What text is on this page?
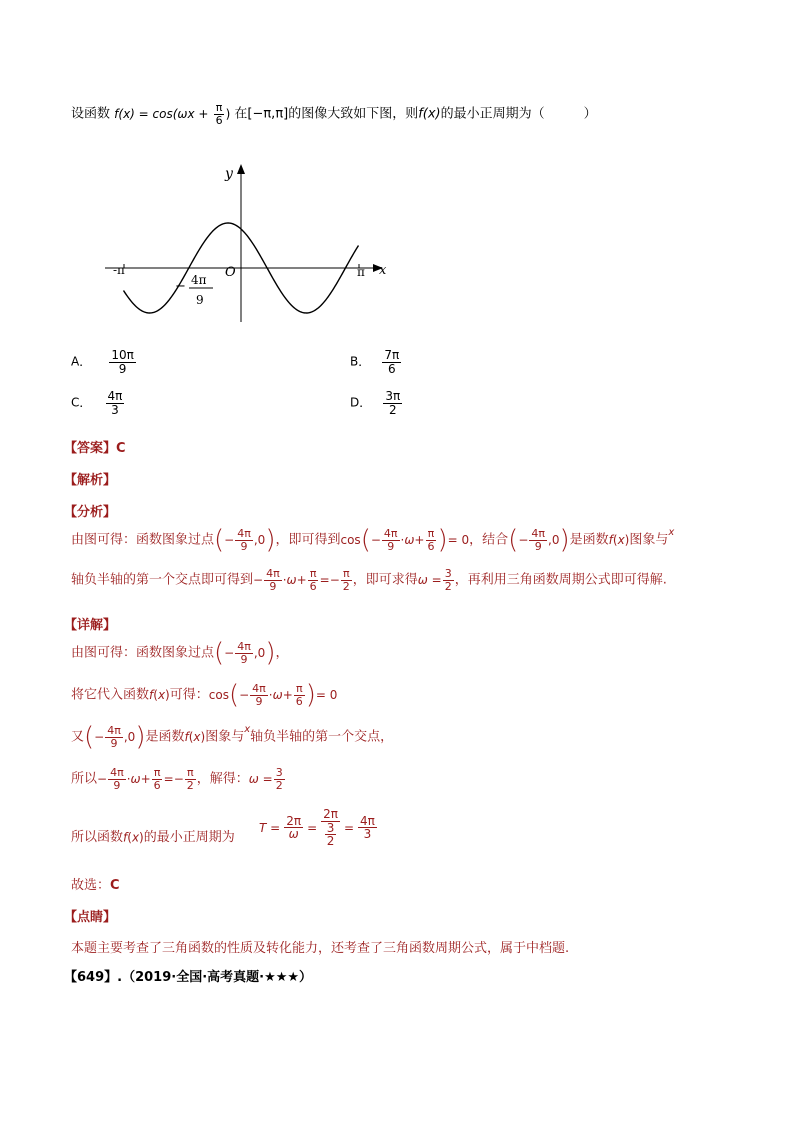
设函数 $f(x) = \cos(\omega x + \frac{\pi}{6}$ ) 在[−π,π]的图像大致如下图，则f(x)的最小正周期为（　　　）
y
x
O
-π	π
− 4π
9
A． $\frac{10\pi}{9}$	B． $\frac{7\pi}{6}$
C． $\frac{4\pi}{3}$	D． $\frac{3\pi}{2}$
【答案】C
【解析】
【分析】
由图可得：函数图象过点(− $\frac{4\pi}{9} ,0$)，即可得到$\cos(- \frac{4\pi}{9} \cdot\omega+ \frac{\pi}{6}$ )= 0，结合(− $\frac{4\pi}{9} ,0$)是函数f(x)图象与$^x$
轴负半轴的第一个交点即可得到− $\frac{4\pi}{9} \cdot\omega+ \frac{\pi}{6} =- \frac{\pi}{2}$ ，即可求得$\omega = \frac{3}{2}$ ，再利用三角函数周期公式即可得解.
【详解】
由图可得：函数图象过点(− $\frac{4\pi}{9} ,0$)，
将它代入函数f(x)可得：$\cos(- \frac{4\pi}{9} \cdot\omega+ \frac{\pi}{6}$ )= 0
又(− $\frac{4\pi}{9} ,0$)是函数f(x)图象与$^x$轴负半轴的第一个交点，
所以− $\frac{4\pi}{9} \cdot\omega+ \frac{\pi}{6} =- \frac{\pi}{2}$ ，解得：$\omega = \frac{3}{2}$
所以函数f(x)的最小正周期为
$T = \frac{2\pi}{\omega} = 2\pi$
3
$2 = \frac{4\pi}{3}$
故选：C
【点睛】
本题主要考查了三角函数的性质及转化能力，还考查了三角函数周期公式，属于中档题.
【649】.（2019·全国·高考真题·★★★）
